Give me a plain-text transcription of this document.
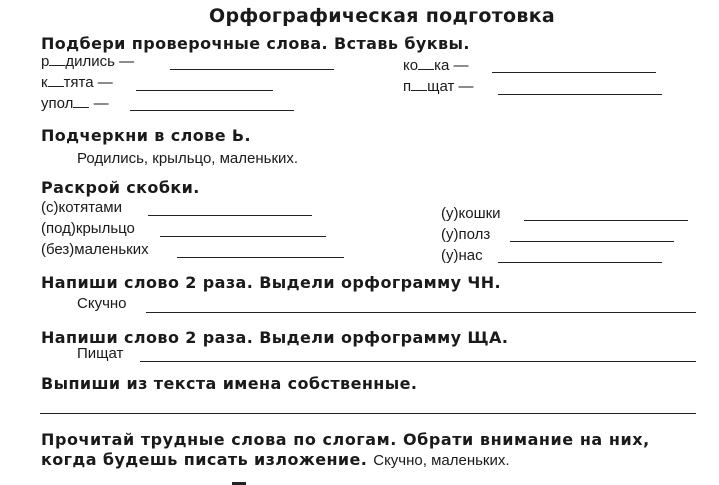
Орфографическая подготовка
Подбери проверочные слова. Вставь буквы.
р дились —
к тята —
упол —
ко ка —
п щат —
Подчеркни в слове Ь.
Родились, крыльцо, маленьких.
Раскрой скобки.
(с)котятами
(под)крыльцо
(без)маленьких
(у)кошки
(у)полз
(у)нас
Напиши слово 2 раза. Выдели орфограмму ЧН.
Скучно
Напиши слово 2 раза. Выдели орфограмму ЩА.
Пищат
Выпиши из текста имена собственные.
Прочитай трудные слова по слогам. Обрати внимание на них,
когда будешь писать изложение. Скучно, маленьких.
